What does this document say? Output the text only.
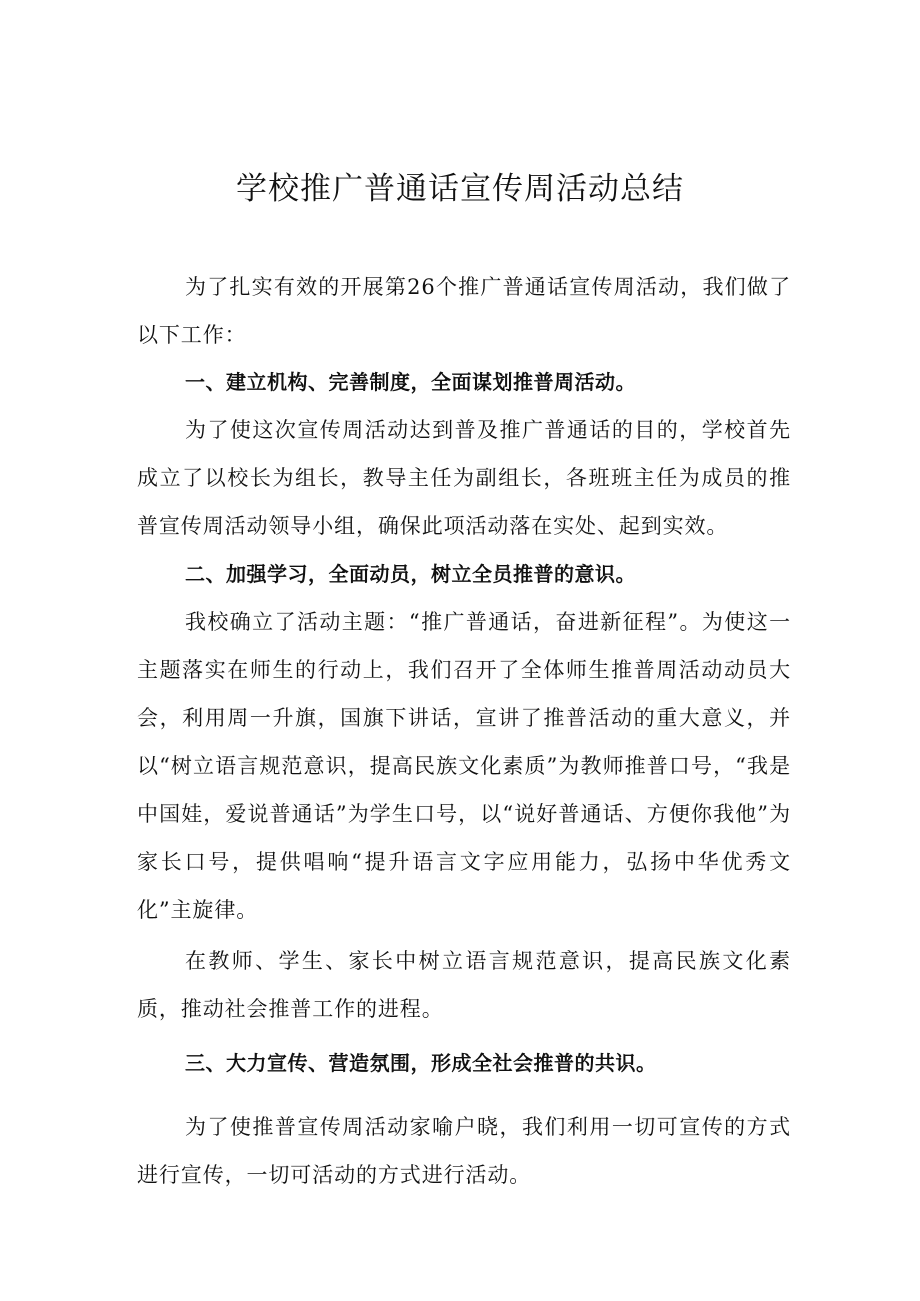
学校推广普通话宣传周活动总结

为了扎实有效的开展第26个推广普通话宣传周活动，我们做了以下工作：

一、建立机构、完善制度，全面谋划推普周活动。

为了使这次宣传周活动达到普及推广普通话的目的，学校首先成立了以校长为组长，教导主任为副组长，各班班主任为成员的推普宣传周活动领导小组，确保此项活动落在实处、起到实效。

二、加强学习，全面动员，树立全员推普的意识。

我校确立了活动主题：“推广普通话，奋进新征程”。为使这一主题落实在师生的行动上，我们召开了全体师生推普周活动动员大会，利用周一升旗，国旗下讲话，宣讲了推普活动的重大意义，并以“树立语言规范意识，提高民族文化素质”为教师推普口号，“我是中国娃，爱说普通话”为学生口号，以“说好普通话、方便你我他”为家长口号，提供唱响“提升语言文字应用能力，弘扬中华优秀文化”主旋律。

在教师、学生、家长中树立语言规范意识，提高民族文化素质，推动社会推普工作的进程。

三、大力宣传、营造氛围，形成全社会推普的共识。

为了使推普宣传周活动家喻户晓，我们利用一切可宣传的方式进行宣传，一切可活动的方式进行活动。
